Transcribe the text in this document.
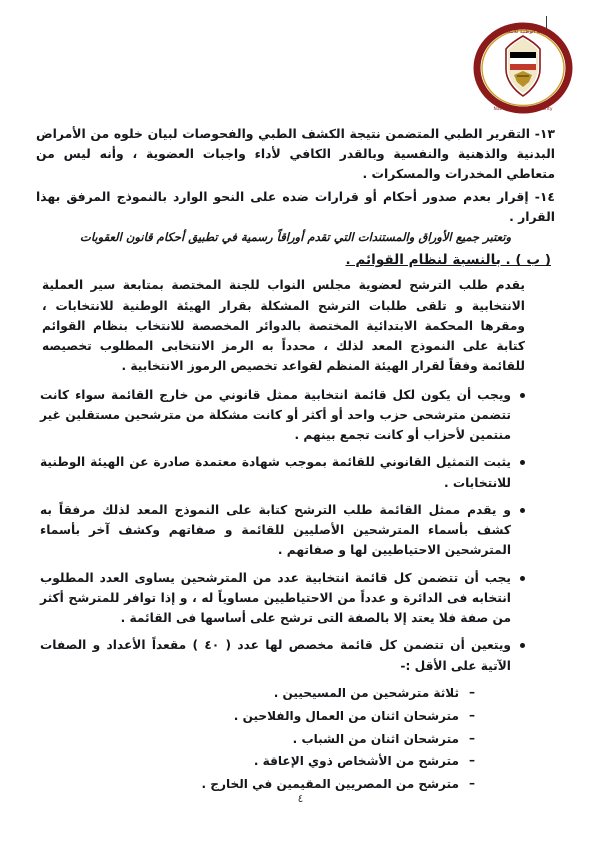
الهيئة الوطنية للانتخابات
National Election Authority

١٣- التقرير الطبي المتضمن نتيجة الكشف الطبي والفحوصات لبيان خلوه من الأمراض البدنية والذهنية والنفسية وبالقدر الكافي لأداء واجبات العضوية ، وأنه ليس من متعاطي المخدرات والمسكرات .

١٤- إقرار بعدم صدور أحكام أو قرارات ضده على النحو الوارد بالنموذج المرفق بهذا القرار .

وتعتبر جميع الأوراق والمستندات التي تقدم أوراقاً رسمية في تطبيق أحكام قانون العقوبات

( ب ) . بالنسبة لنظام القوائم .

يقدم طلب الترشح لعضوية مجلس النواب للجنة المختصة بمتابعة سير العملية الانتخابية و تلقى طلبات الترشح المشكلة بقرار الهيئة الوطنية للانتخابات ، ومقرها المحكمة الابتدائية المختصة بالدوائر المخصصة للانتخاب بنظام القوائم كتابة على النموذج المعد لذلك ، محدداً به الرمز الانتخابى المطلوب تخصيصه للقائمة وفقاً لقرار الهيئة المنظم لقواعد تخصيص الرموز الانتخابية .

ويجب أن يكون لكل قائمة انتخابية ممثل قانوني من خارج القائمة سواء كانت تتضمن مترشحى حزب واحد أو أكثر أو كانت مشكلة من مترشحين مستقلين غير منتمين لأحزاب أو كانت تجمع بينهم .
يثبت التمثيل القانوني للقائمة بموجب شهادة معتمدة صادرة عن الهيئة الوطنية للانتخابات .
و يقدم ممثل القائمة طلب الترشح كتابة على النموذج المعد لذلك مرفقاً به كشف بأسماء المترشحين الأصليين للقائمة و صفاتهم وكشف آخر بأسماء المترشحين الاحتياطيين لها و صفاتهم .
يجب أن تتضمن كل قائمة انتخابية عدد من المترشحين يساوى العدد المطلوب انتخابه فى الدائرة و عدداً من الاحتياطيين مساوياً له ، و إذا توافر للمترشح أكثر من صفة فلا يعتد إلا بالصفة التى ترشح على أساسها فى القائمة .
ويتعين أن تتضمن كل قائمة مخصص لها عدد ( ٤٠ ) مقعداً الأعداد و الصفات الآتية على الأقل :-
– ثلاثة مترشحين من المسيحيين .
– مترشحان اثنان من العمال والفلاحين .
– مترشحان اثنان من الشباب .
– مترشح من الأشخاص ذوي الإعاقة .
– مترشح من المصريين المقيمين في الخارج .
٤
